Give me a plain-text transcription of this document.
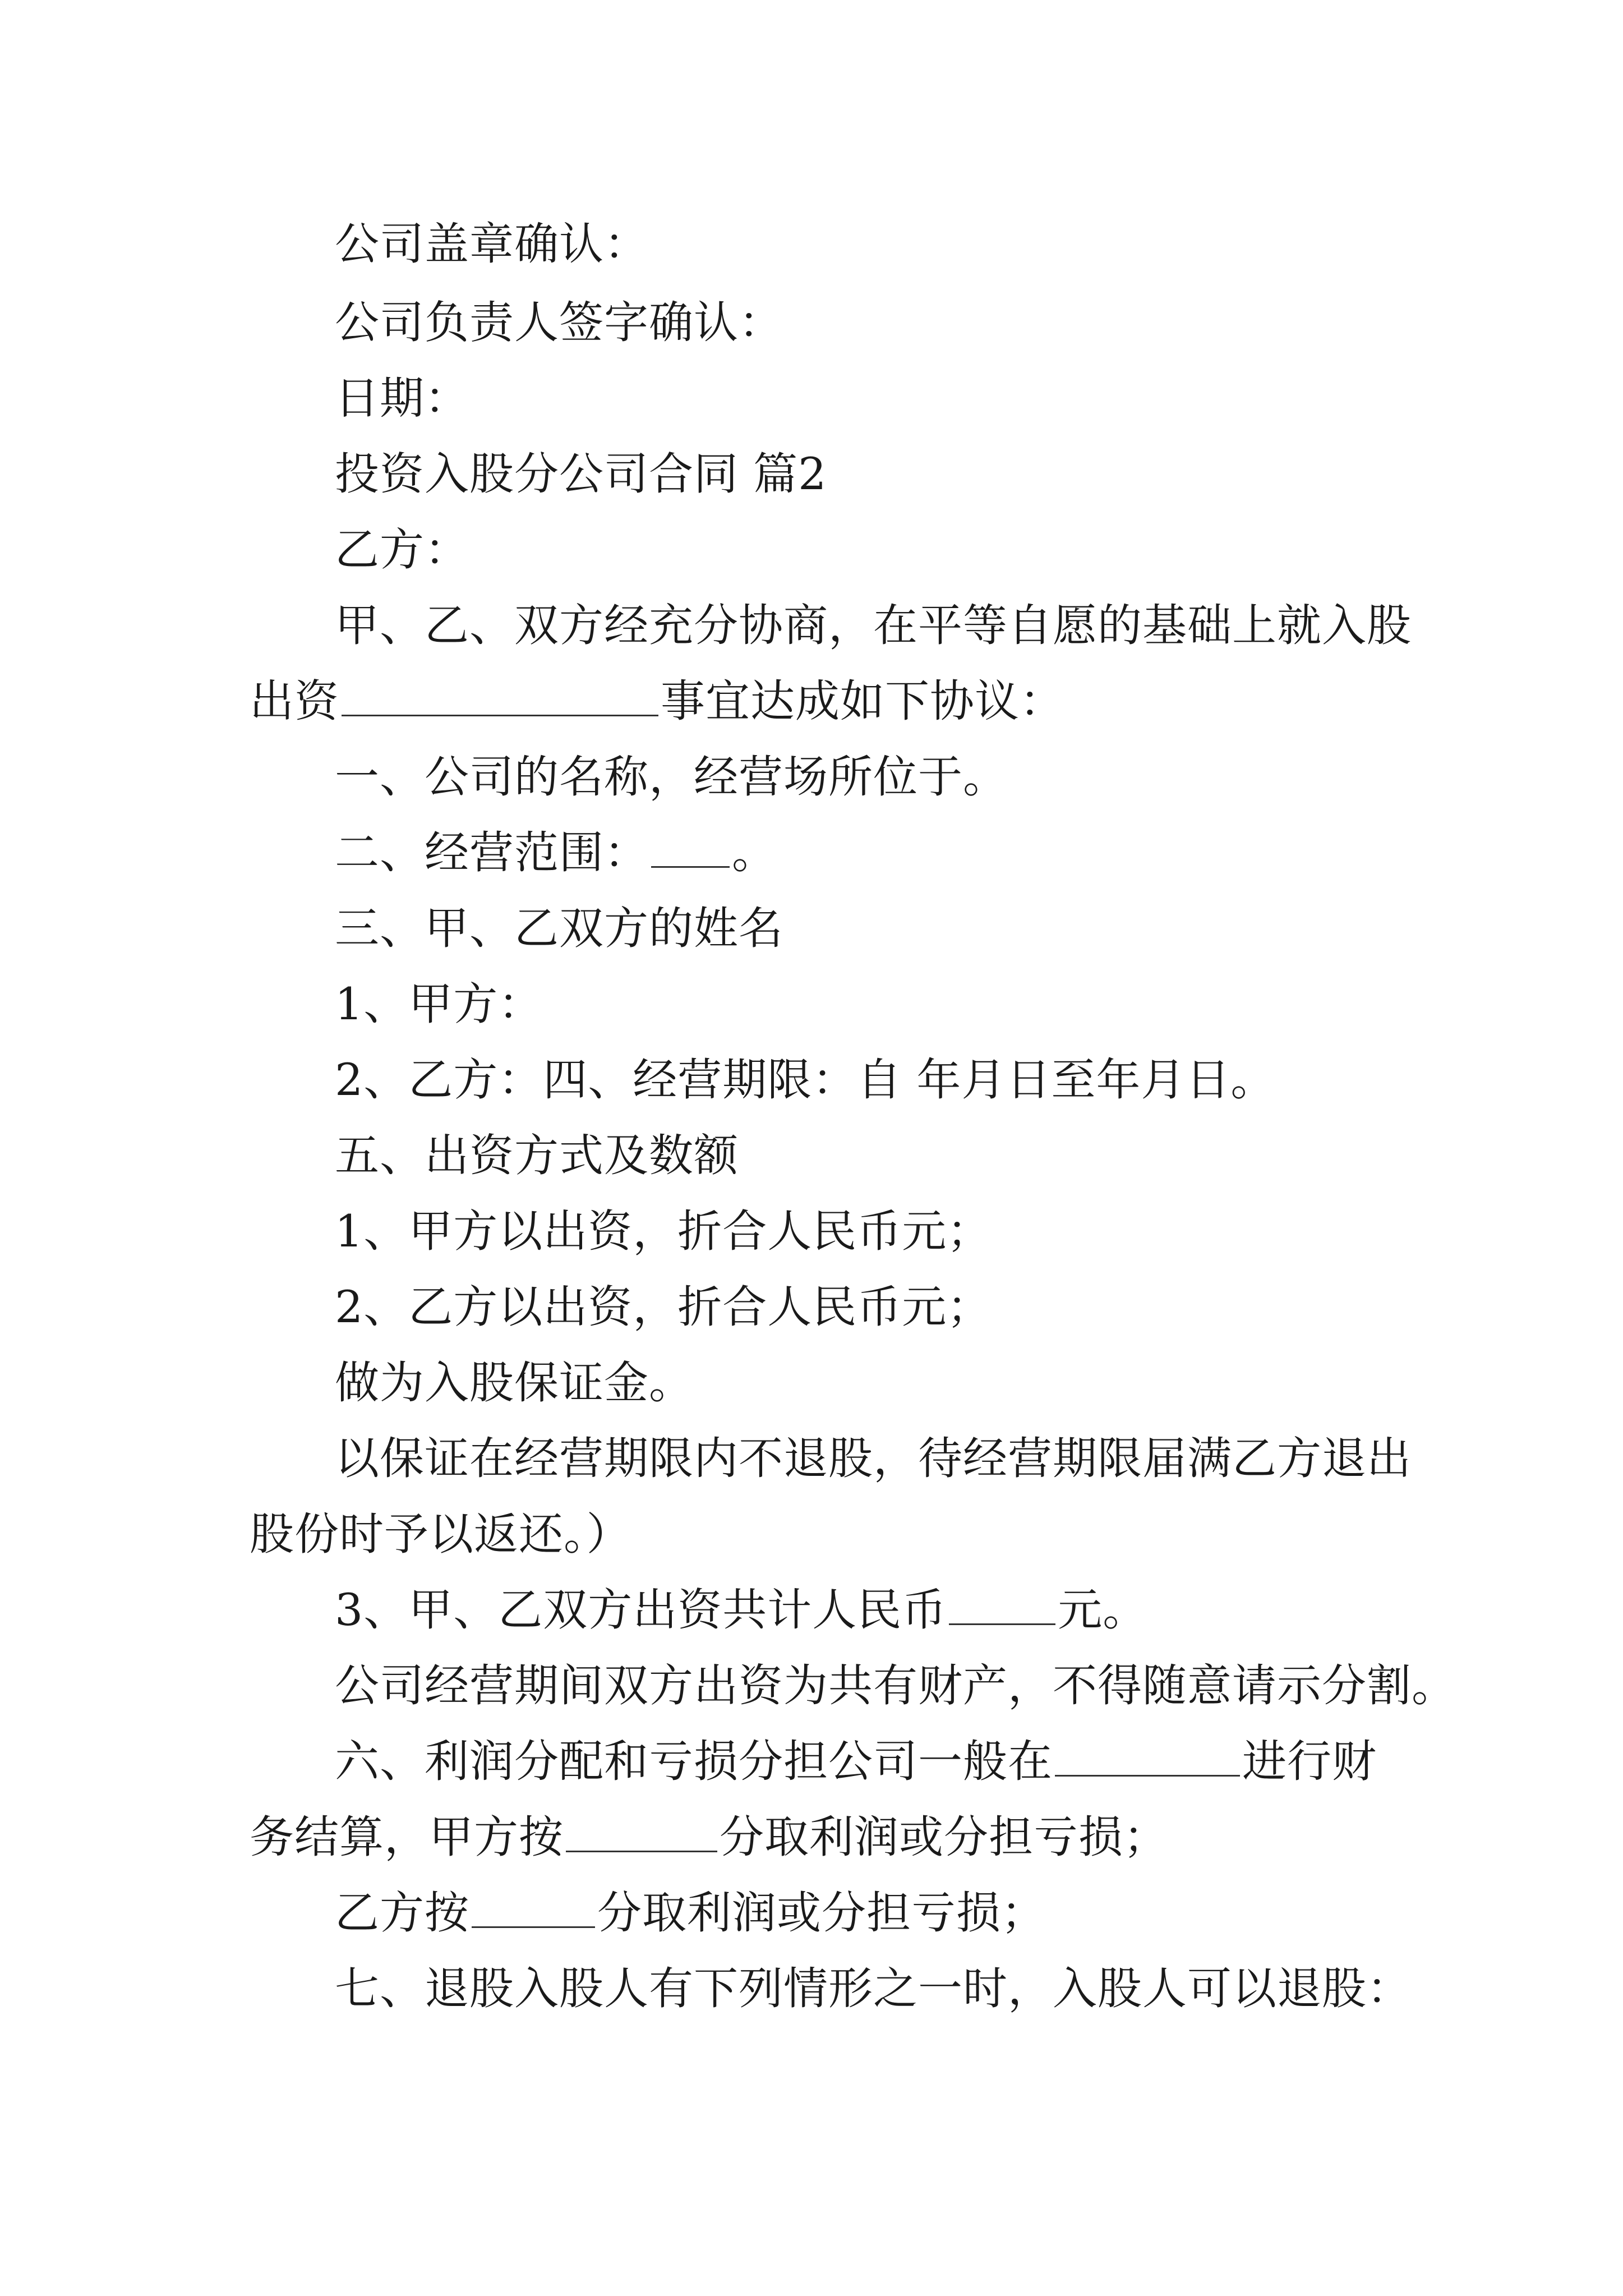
公司盖章确认：
公司负责人签字确认：
日期：
投资入股分公司合同 篇2
乙方：
甲、乙、双方经充分协商，在平等自愿的基础上就入股
出资	事宜达成如下协议：
一、公司的名称，经营场所位于。
二、经营范围： 。
三、甲、乙双方的姓名
1、甲方：
2、乙方：四、经营期限：自 年月日至年月日。
五、出资方式及数额
1、甲方以出资，折合人民币元；
2、乙方以出资，折合人民币元；
做为入股保证金。
以保证在经营期限内不退股，待经营期限届满乙方退出
股份时予以返还。）
3、甲、乙双方出资共计人民币	元。
公司经营期间双方出资为共有财产，不得随意请示分割。
六、利润分配和亏损分担公司一般在	进行财
务结算，甲方按	分取利润或分担亏损；
乙方按	分取利润或分担亏损；
七、退股入股人有下列情形之一时，入股人可以退股：
